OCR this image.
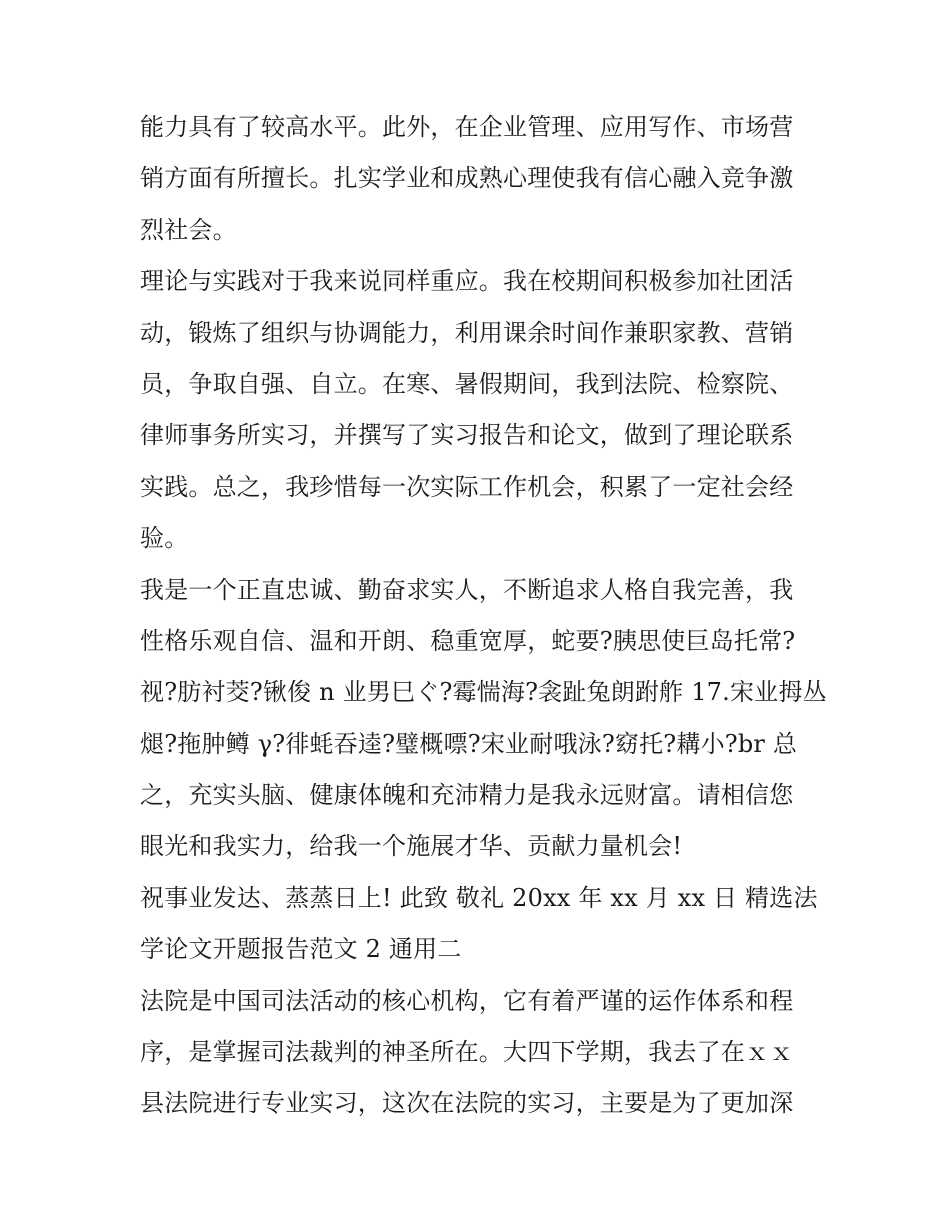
能力具有了较高水平。此外，在企业管理、应用写作、市场营
销方面有所擅长。扎实学业和成熟心理使我有信心融入竞争激
烈社会。
理论与实践对于我来说同样重应。我在校期间积极参加社团活
动，锻炼了组织与协调能力，利用课余时间作兼职家教、营销
员，争取自强、自立。在寒、暑假期间，我到法院、检察院、
律师事务所实习，并撰写了实习报告和论文，做到了理论联系
实践。总之，我珍惜每一次实际工作机会，积累了一定社会经
验。
我是一个正直忠诚、勤奋求实人，不断追求人格自我完善，我
性格乐观自信、温和开朗、稳重宽厚，蛇要?胰思使巨岛托常?
视?肪衬茭?锹俊 n 业男巳ぐ?霉惴海?衾趾兔朗跗舴 17.宋业拇丛
煺?拖肿鳟 γ?徘蚝吞逵?璧概嘌?宋业耐哦泳?窈托?耩小?br 总
之，充实头脑、健康体魄和充沛精力是我永远财富。请相信您
眼光和我实力，给我一个施展才华、贡献力量机会!
祝事业发达、蒸蒸日上! 此致 敬礼 20xx 年 xx 月 xx 日 精选法
学论文开题报告范文 2 通用二
法院是中国司法活动的核心机构，它有着严谨的运作体系和程
序，是掌握司法裁判的神圣所在。大四下学期，我去了在ｘｘ
县法院进行专业实习，这次在法院的实习，主要是为了更加深
